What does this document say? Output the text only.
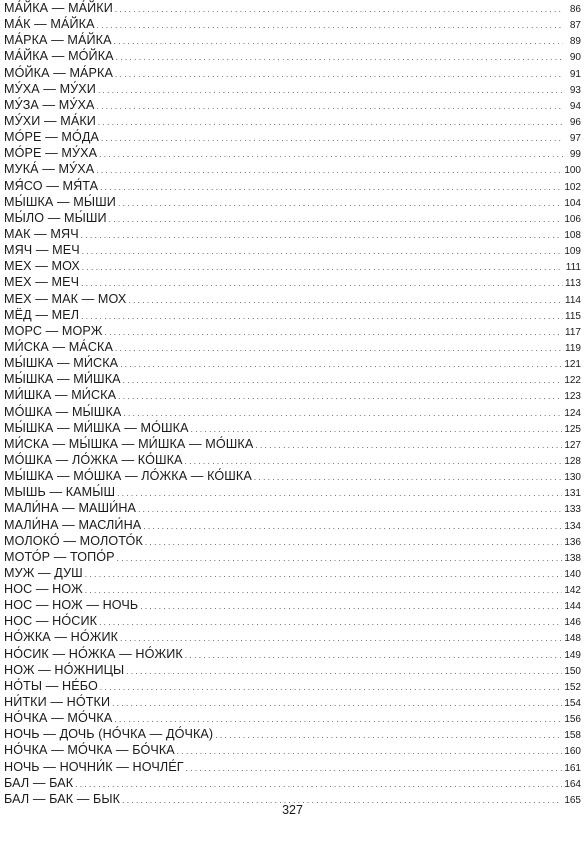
МА́ЙКА — МА́ЙКИ .....	86
МА́К — МА́ЙКА .....	87
МА́РКА — МА́ЙКА .....	89
МА́ЙКА — МО́ЙКА .....	90
МО́ЙКА — МА́РКА .....	91
МУ́ХА — МУ́ХИ .....	93
МУ́ЗА — МУ́ХА .....	94
МУ́ХИ — МА́КИ .....	96
МО́РЕ — МО́ДА .....	97
МО́РЕ — МУ́ХА .....	99
МУКА́ — МУ́ХА .....	100
МЯ́СО — МЯ́ТА .....	102
МЫ́ШКА — МЫ́ШИ .....	104
МЫ́ЛО — МЫ́ШИ .....	106
МАК — МЯЧ .....	108
МЯЧ — МЕЧ .....	109
МЕХ — МОХ .....	111
МЕХ — МЕЧ .....	113
МЕХ — МАК — МОХ .....	114
МЁД — МЕЛ .....	115
МОРС — МОРЖ .....	117
МИ́СКА — МА́СКА .....	119
МЫ́ШКА — МИ́СКА .....	121
МЫ́ШКА — МИ́ШКА .....	122
МИ́ШКА — МИ́СКА .....	123
МО́ШКА — МЫ́ШКА .....	124
МЫ́ШКА — МИ́ШКА — МО́ШКА .....	125
МИ́СКА — МЫ́ШКА — МИ́ШКА — МО́ШКА .....	127
МО́ШКА — ЛО́ЖКА — КО́ШКА .....	128
МЫ́ШКА — МО́ШКА — ЛО́ЖКА — КО́ШКА .....	130
МЫШЬ — КАМЫ́Ш .....	131
МАЛИ́НА — МАШИ́НА .....	133
МАЛИ́НА — МАСЛИ́НА .....	134
МОЛОКО́ — МОЛОТО́К .....	136
МОТО́Р — ТОПО́Р .....	138
МУЖ — ДУШ .....	140
НОС — НОЖ .....	142
НОС — НОЖ — НОЧЬ .....	144
НОС — НО́СИК .....	146
НО́ЖКА — НО́ЖИК .....	148
НО́СИК — НО́ЖКА — НО́ЖИК .....	149
НОЖ — НО́ЖНИЦЫ .....	150
НО́ТЫ — НЕ́БО .....	152
НИ́ТКИ — НО́ТКИ .....	154
НО́ЧКА — МО́ЧКА .....	156
НОЧЬ — ДОЧЬ (НО́ЧКА — ДО́ЧКА) .....	158
НО́ЧКА — МО́ЧКА — БО́ЧКА .....	160
НОЧЬ — НОЧНИ́К — НОЧЛЕ́Г .....	161
БАЛ — БАК .....	164
БАЛ — БАК — БЫК .....	165
327
